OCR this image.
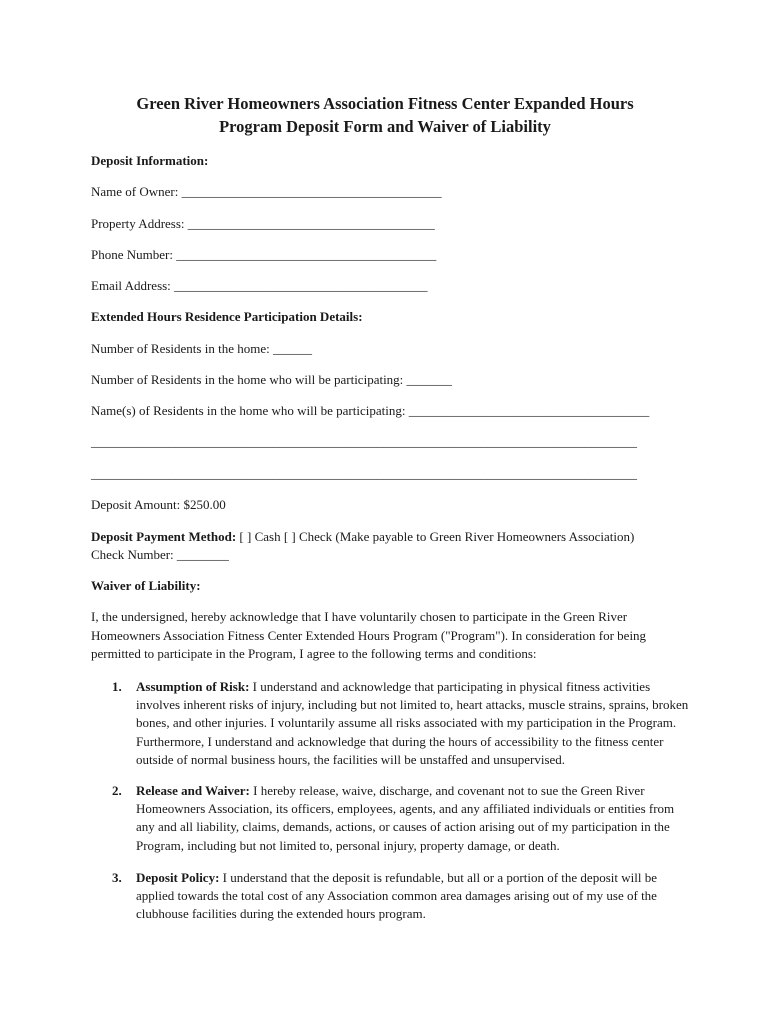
Green River Homeowners Association Fitness Center Expanded Hours
Program Deposit Form and Waiver of Liability
Deposit Information:
Name of Owner: ________________________________________
Property Address: ______________________________________
Phone Number: ________________________________________
Email Address: _______________________________________
Extended Hours Residence Participation Details:
Number of Residents in the home: ______
Number of Residents in the home who will be participating: _______
Name(s) of Residents in the home who will be participating: _____________________________________
____________________________________________________________________________________
____________________________________________________________________________________
Deposit Amount: $250.00
Deposit Payment Method: [ ] Cash [ ] Check (Make payable to Green River Homeowners Association)
Check Number: ________
Waiver of Liability:
I, the undersigned, hereby acknowledge that I have voluntarily chosen to participate in the Green River Homeowners Association Fitness Center Extended Hours Program ("Program"). In consideration for being permitted to participate in the Program, I agree to the following terms and conditions:
1. Assumption of Risk: I understand and acknowledge that participating in physical fitness activities involves inherent risks of injury, including but not limited to, heart attacks, muscle strains, sprains, broken bones, and other injuries. I voluntarily assume all risks associated with my participation in the Program. Furthermore, I understand and acknowledge that during the hours of accessibility to the fitness center outside of normal business hours, the facilities will be unstaffed and unsupervised.
2. Release and Waiver: I hereby release, waive, discharge, and covenant not to sue the Green River Homeowners Association, its officers, employees, agents, and any affiliated individuals or entities from any and all liability, claims, demands, actions, or causes of action arising out of my participation in the Program, including but not limited to, personal injury, property damage, or death.
3. Deposit Policy: I understand that the deposit is refundable, but all or a portion of the deposit will be applied towards the total cost of any Association common area damages arising out of my use of the clubhouse facilities during the extended hours program.
